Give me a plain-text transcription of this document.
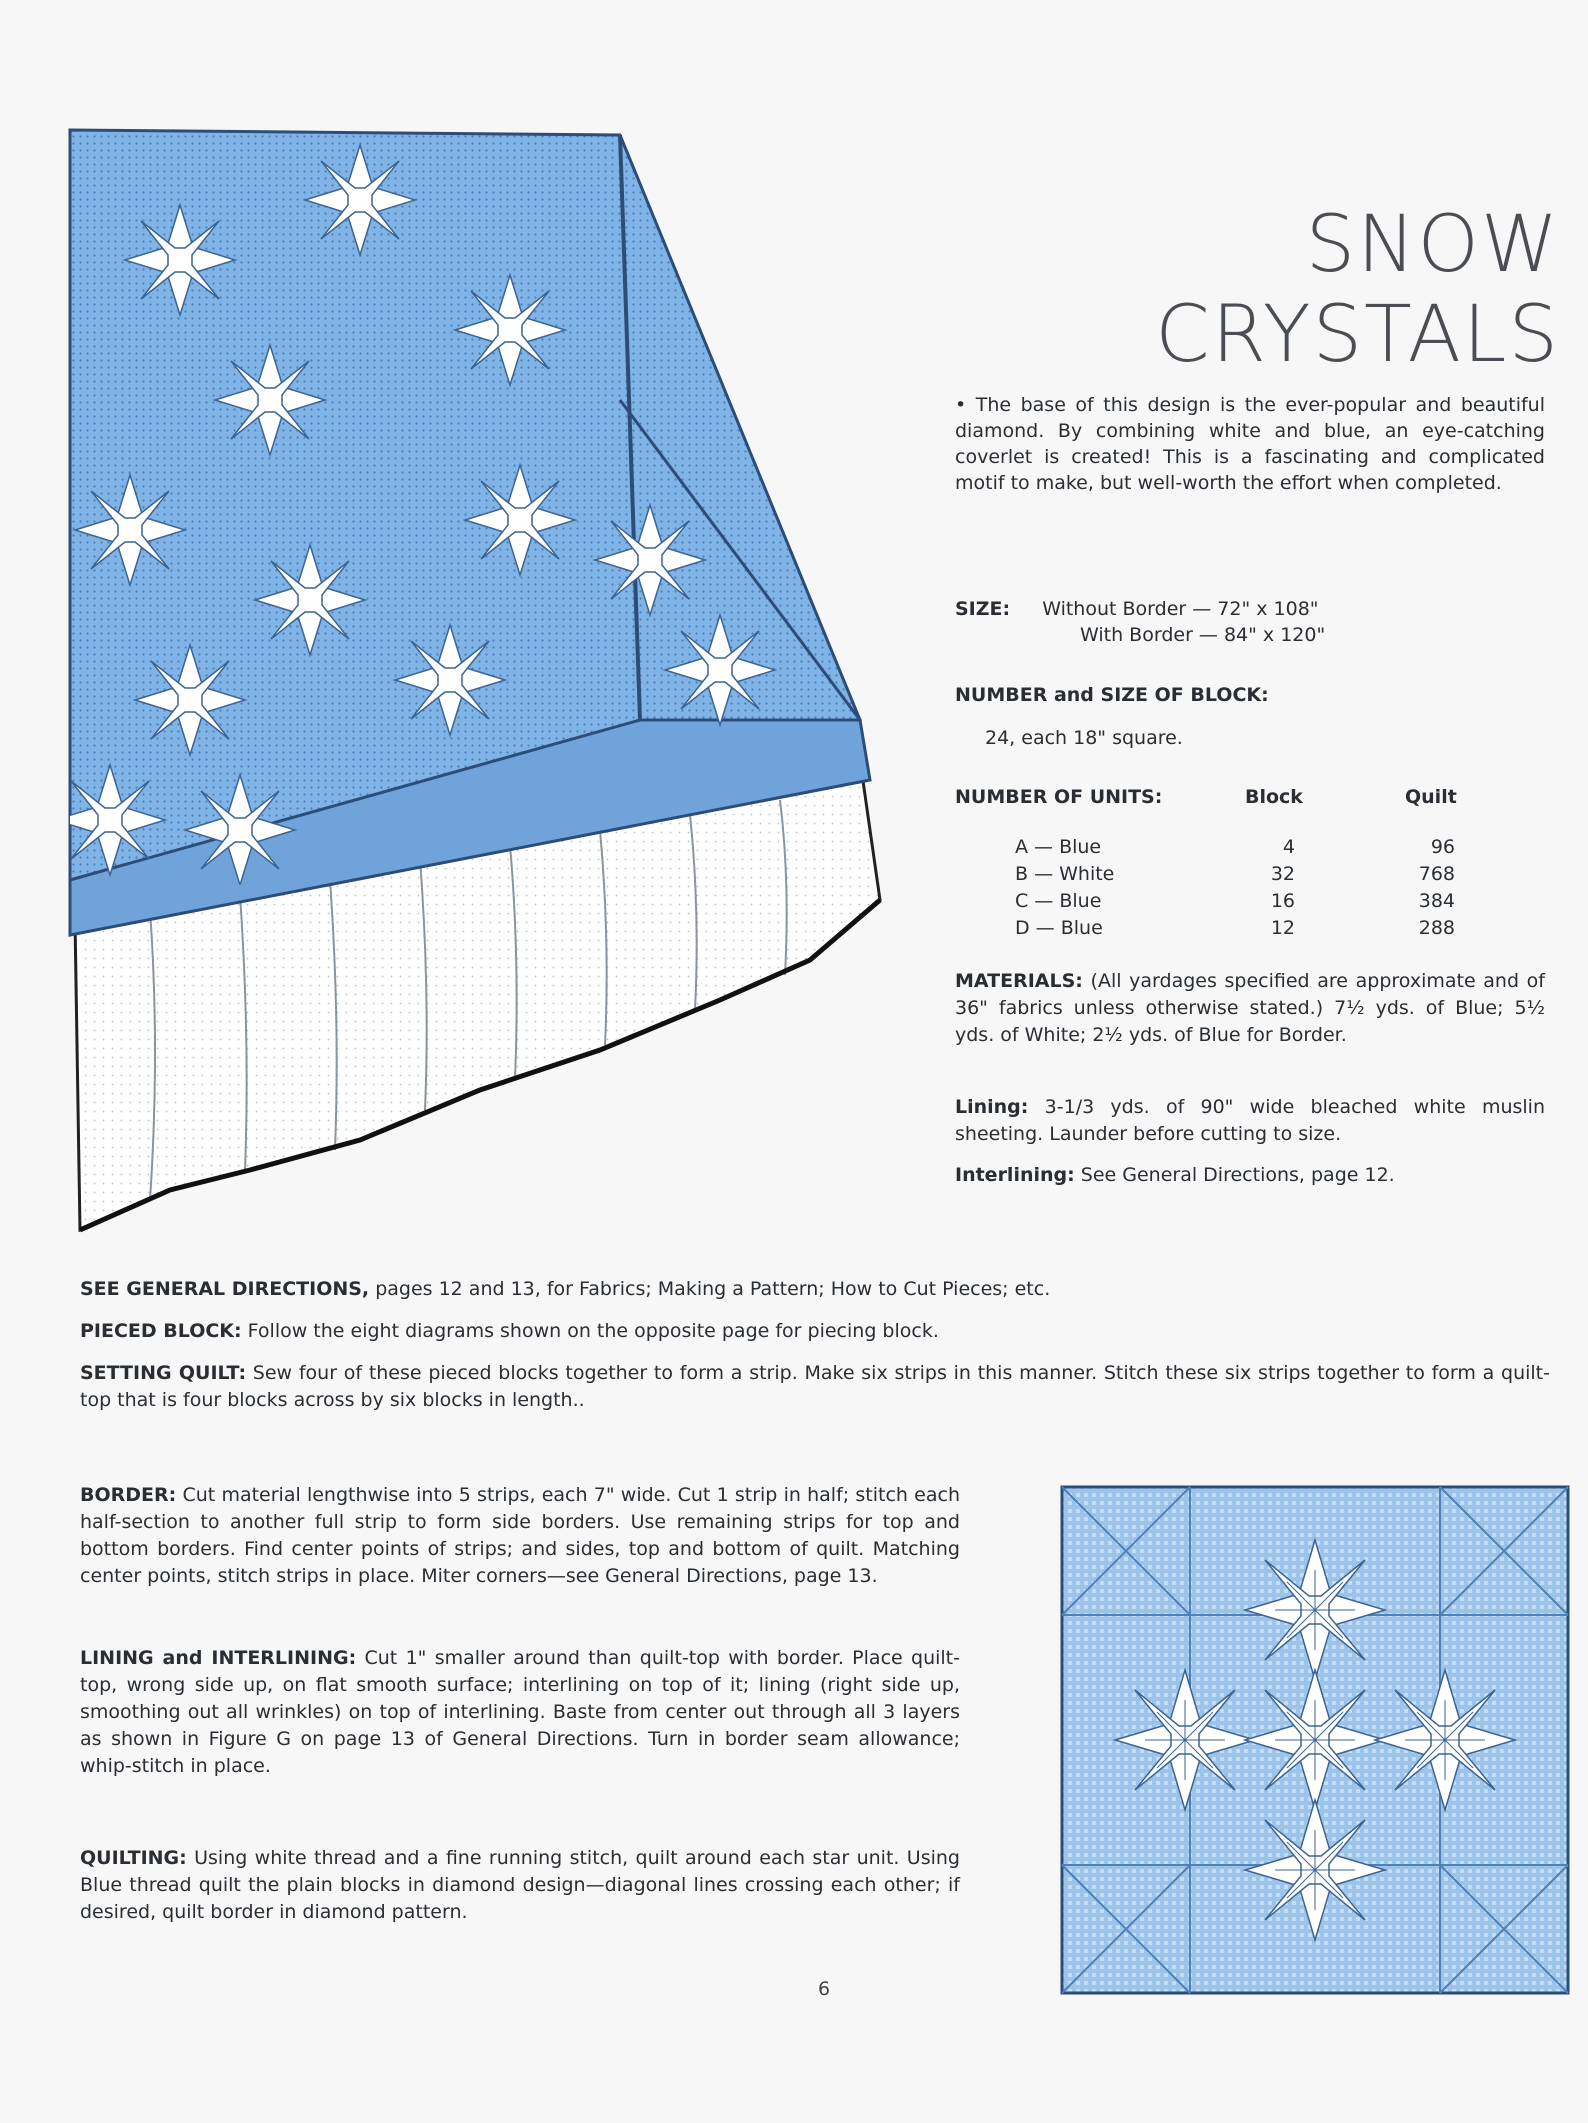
SNOW CRYSTALS
• The base of this design is the ever-popular and beautiful diamond. By combining white and blue, an eye-catching coverlet is created! This is a fascinating and complicated motif to make, but well-worth the effort when completed.
SIZE: Without Border — 72" x 108"
With Border — 84" x 120"
NUMBER and SIZE OF BLOCK:
24, each 18" square.
NUMBER OF UNITS:	Block	Quilt
A — Blue	4	96
B — White	32	768
C — Blue	16	384
D — Blue	12	288
MATERIALS: (All yardages specified are approximate and of 36" fabrics unless otherwise stated.) 7½ yds. of Blue; 5½ yds. of White; 2½ yds. of Blue for Border.
Lining: 3-1/3 yds. of 90" wide bleached white muslin sheeting. Launder before cutting to size.
Interlining: See General Directions, page 12.
SEE GENERAL DIRECTIONS, pages 12 and 13, for Fabrics; Making a Pattern; How to Cut Pieces; etc.
PIECED BLOCK: Follow the eight diagrams shown on the opposite page for piecing block.
SETTING QUILT: Sew four of these pieced blocks together to form a strip. Make six strips in this manner. Stitch these six strips together to form a quilt-top that is four blocks across by six blocks in length..
BORDER: Cut material lengthwise into 5 strips, each 7" wide. Cut 1 strip in half; stitch each half-section to another full strip to form side borders. Use remaining strips for top and bottom borders. Find center points of strips; and sides, top and bottom of quilt. Matching center points, stitch strips in place. Miter corners—see General Directions, page 13.
LINING and INTERLINING: Cut 1" smaller around than quilt-top with border. Place quilt-top, wrong side up, on flat smooth surface; interlining on top of it; lining (right side up, smoothing out all wrinkles) on top of interlining. Baste from center out through all 3 layers as shown in Figure G on page 13 of General Directions. Turn in border seam allowance; whip-stitch in place.
QUILTING: Using white thread and a fine running stitch, quilt around each star unit. Using Blue thread quilt the plain blocks in diamond design—diagonal lines crossing each other; if desired, quilt border in diamond pattern.
6
